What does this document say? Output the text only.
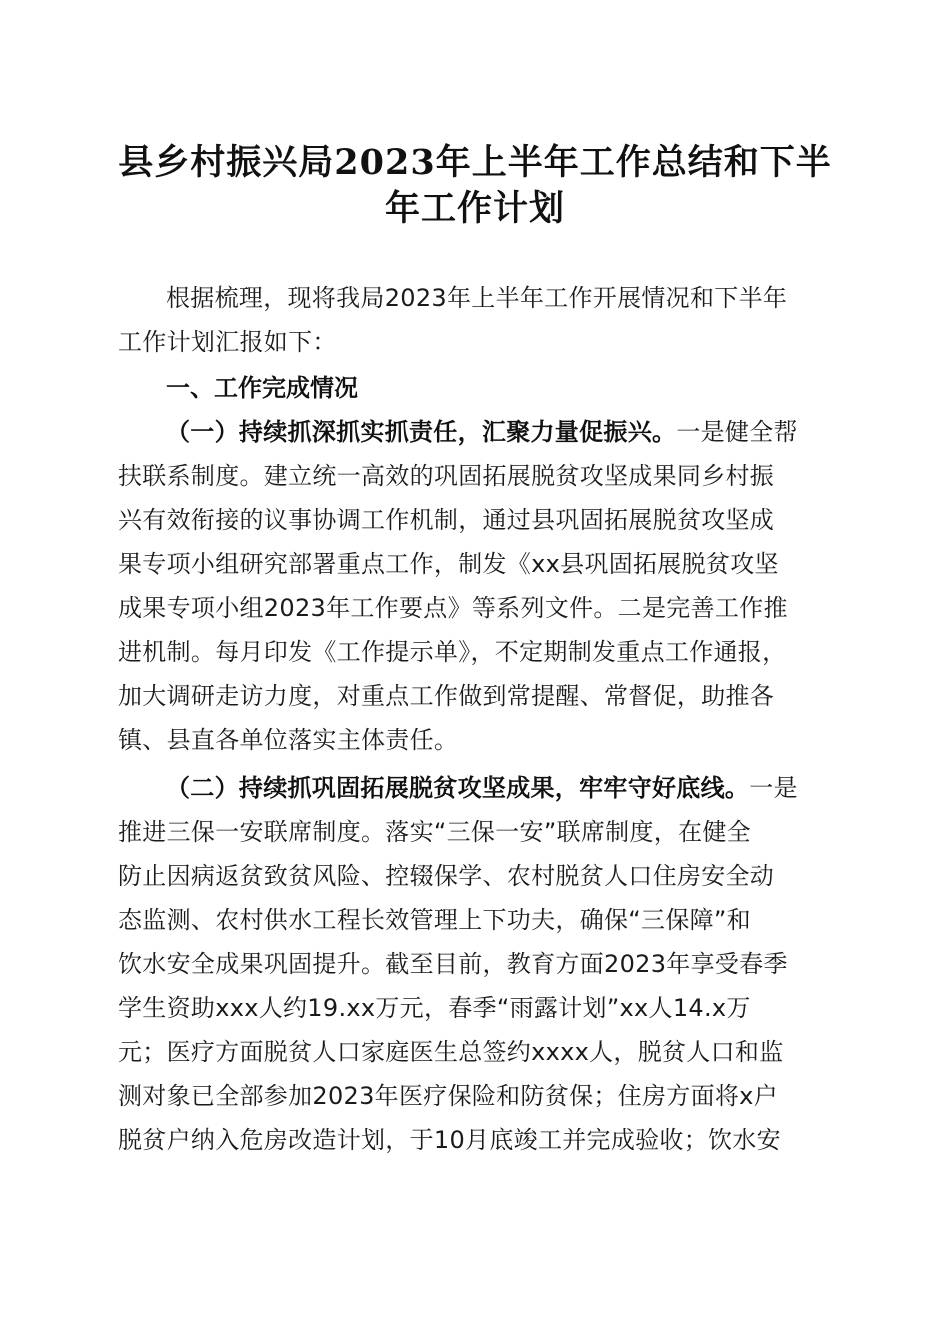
县乡村振兴局2023年上半年工作总结和下半
年工作计划
根据梳理，现将我局2023年上半年工作开展情况和下半年
工作计划汇报如下：
一、工作完成情况
（一）持续抓深抓实抓责任，汇聚力量促振兴。一是健全帮
扶联系制度。建立统一高效的巩固拓展脱贫攻坚成果同乡村振
兴有效衔接的议事协调工作机制，通过县巩固拓展脱贫攻坚成
果专项小组研究部署重点工作，制发《xx县巩固拓展脱贫攻坚
成果专项小组2023年工作要点》等系列文件。二是完善工作推
进机制。每月印发《工作提示单》，不定期制发重点工作通报，
加大调研走访力度，对重点工作做到常提醒、常督促，助推各
镇、县直各单位落实主体责任。
（二）持续抓巩固拓展脱贫攻坚成果，牢牢守好底线。一是
推进三保一安联席制度。落实“三保一安”联席制度，在健全
防止因病返贫致贫风险、控辍保学、农村脱贫人口住房安全动
态监测、农村供水工程长效管理上下功夫，确保“三保障”和
饮水安全成果巩固提升。截至目前，教育方面2023年享受春季
学生资助xxx人约19.xx万元，春季“雨露计划”xx人14.x万
元；医疗方面脱贫人口家庭医生总签约xxxx人，脱贫人口和监
测对象已全部参加2023年医疗保险和防贫保；住房方面将x户
脱贫户纳入危房改造计划，于10月底竣工并完成验收；饮水安
